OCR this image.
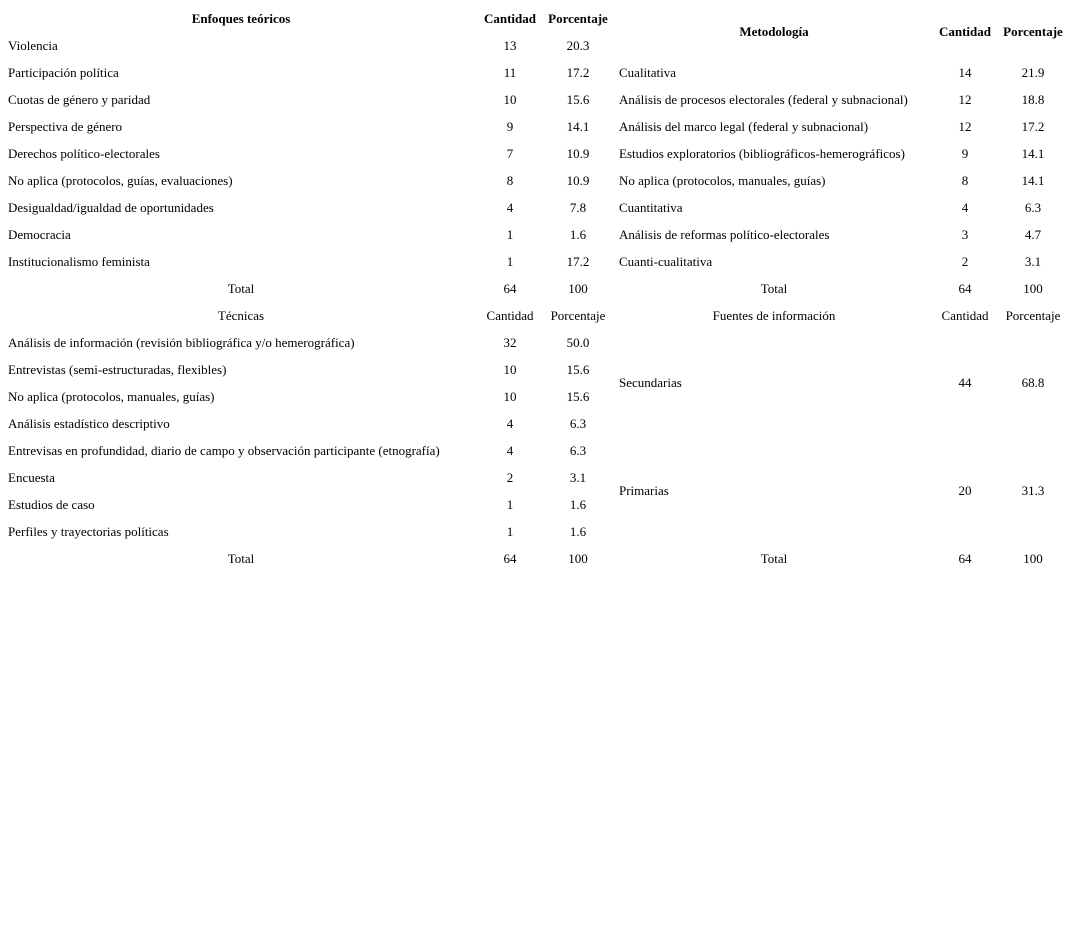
Enfoques teóricos	Cantidad Porcentaje
Violencia	13	20.3
Participación política	11	17.2
Cuotas de género y paridad	10	15.6
Perspectiva de género	9	14.1
Derechos político-electorales	7	10.9
No aplica (protocolos, guías, evaluaciones)	8	10.9
Desigualdad/igualdad de oportunidades	4	7.8
Democracia	1	1.6
Institucionalismo feminista	1	17.2
Total	64	100
Metodología	Cantidad Porcentaje
Cualitativa	14	21.9
Análisis de procesos electorales (federal y subnacional)	12	18.8
Análisis del marco legal (federal y subnacional)	12	17.2
Estudios exploratorios (bibliográficos-hemerográficos)	9	14.1
No aplica (protocolos, manuales, guías)	8	14.1
Cuantitativa	4	6.3
Análisis de reformas político-electorales	3	4.7
Cuanti-cualitativa	2	3.1
Total	64	100
Técnicas	Cantidad	Porcentaje
Análisis de información (revisión bibliográfica y/o hemerográfica)	32	50.0
Entrevistas (semi-estructuradas, flexibles)	10	15.6
No aplica (protocolos, manuales, guías)	10	15.6
Análisis estadístico descriptivo	4	6.3
Entrevisas en profundidad, diario de campo y observación participante (etnografía)	4	6.3
Encuesta	2	3.1
Estudios de caso	1	1.6
Perfiles y trayectorias políticas	1	1.6
Total	64	100
Fuentes de información	Cantidad	Porcentaje
Secundarias	44	68.8
Primarias	20	31.3
Total	64	100
